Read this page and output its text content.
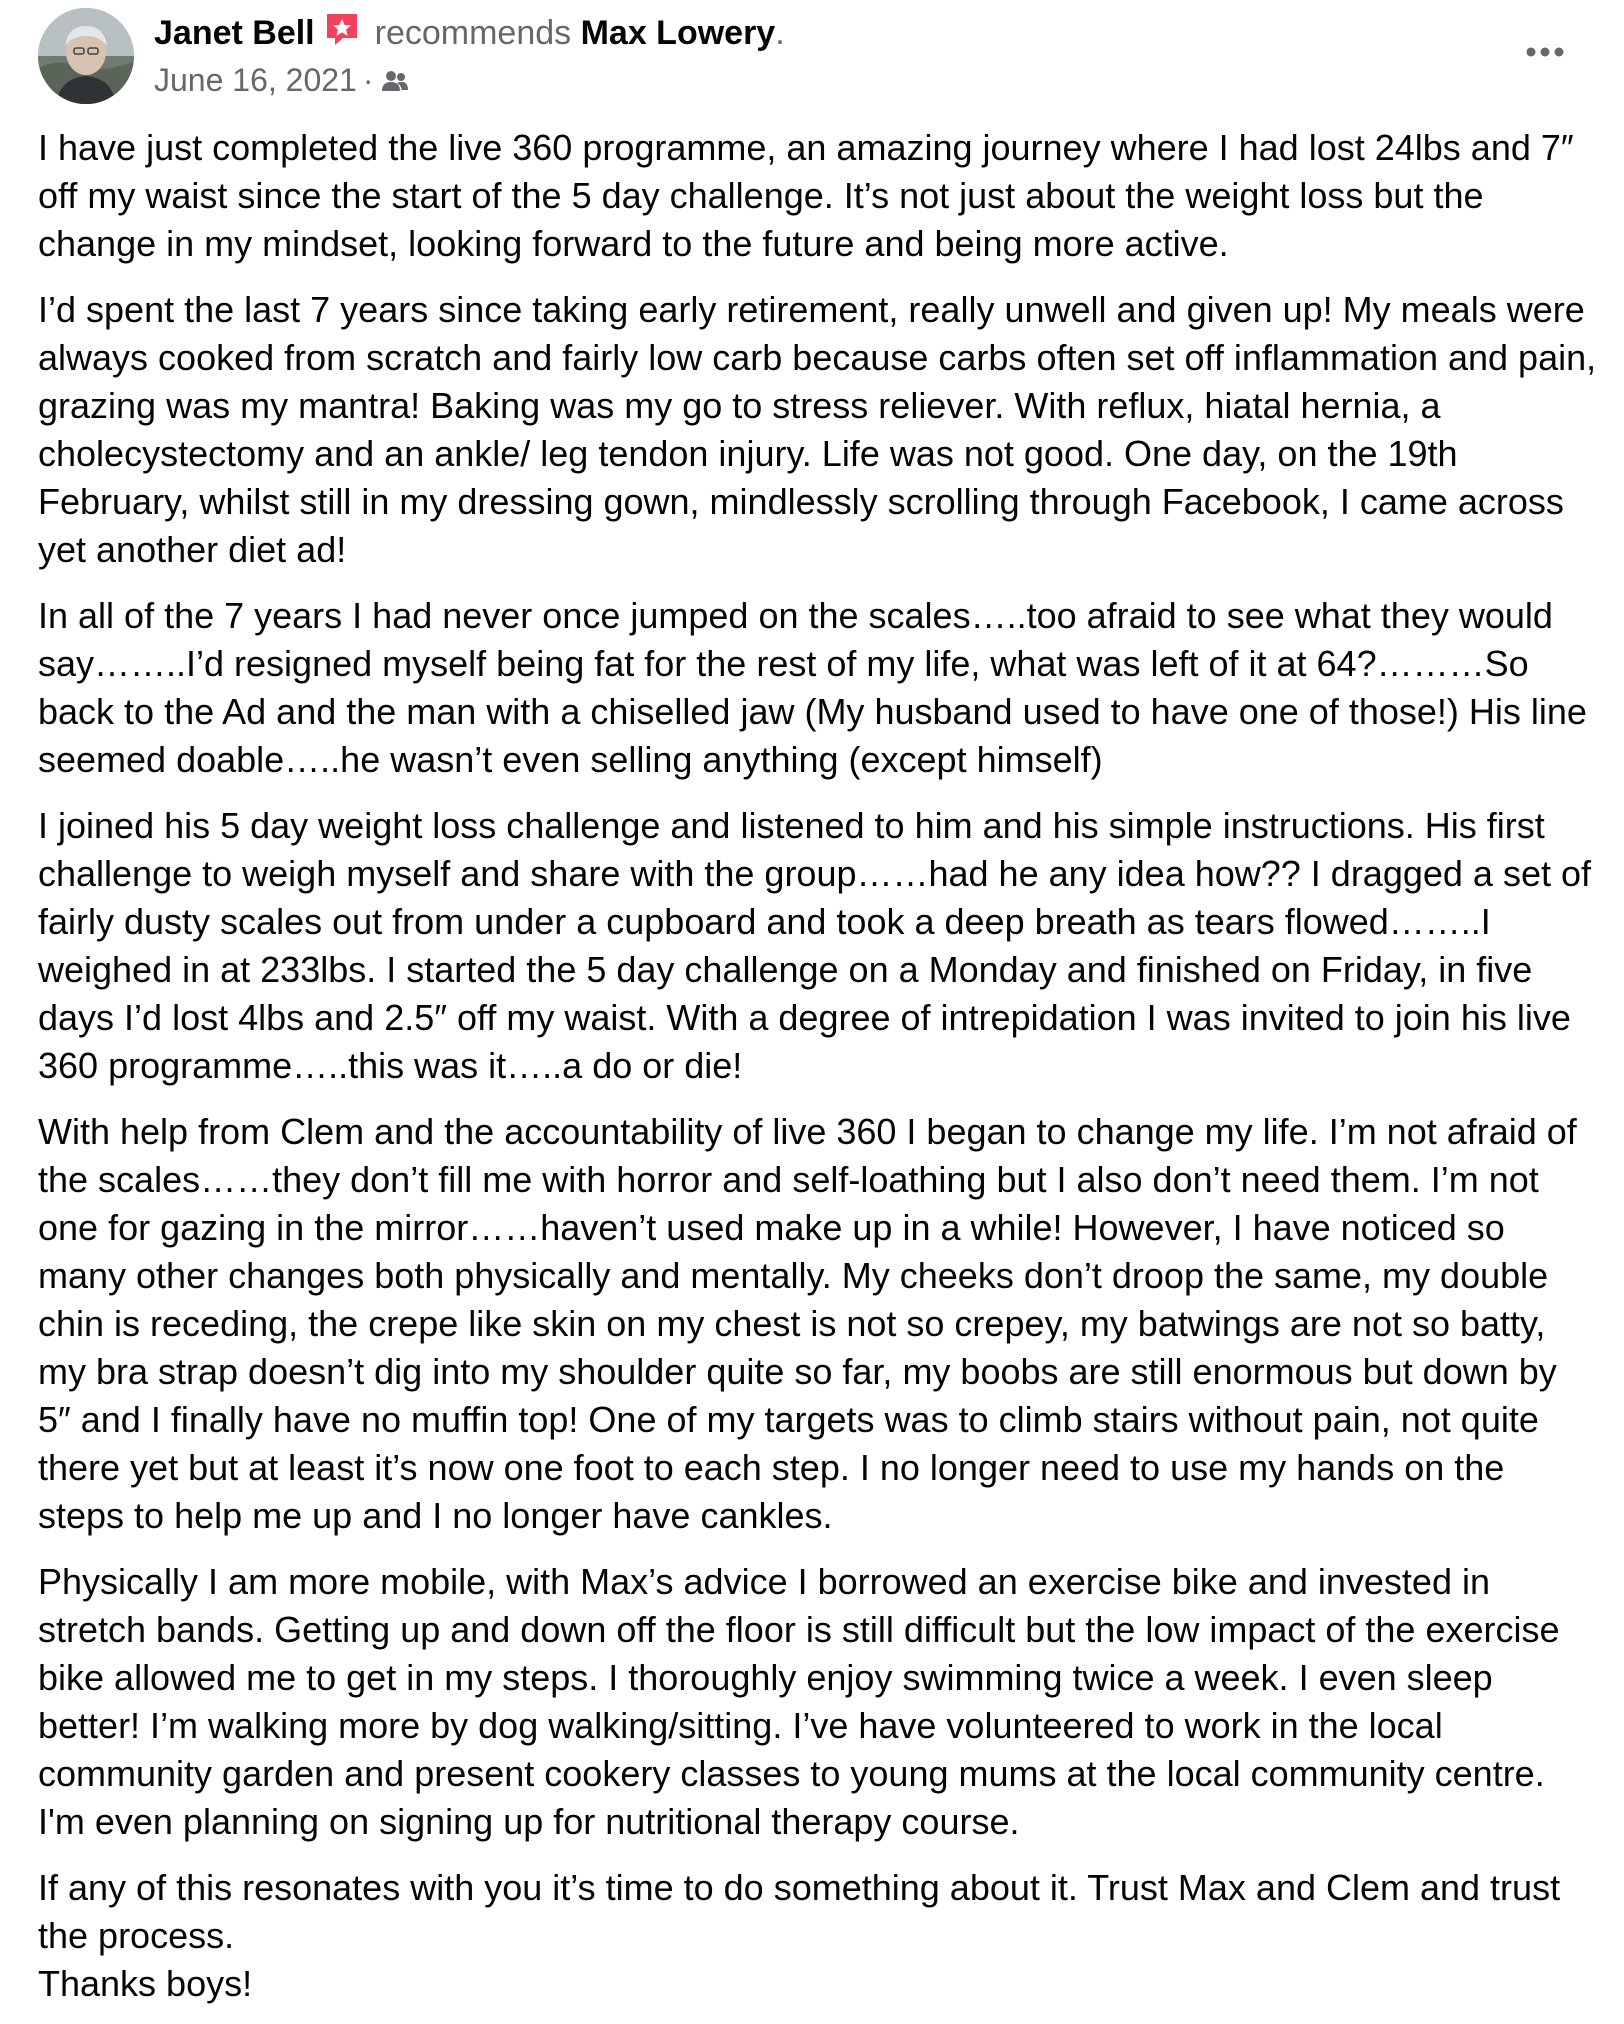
Janet Bell recommends Max Lowery.
June 16, 2021 ·

I have just completed the live 360 programme, an amazing journey where I had lost 24lbs and 7″ off my waist since the start of the 5 day challenge. It’s not just about the weight loss but the change in my mindset, looking forward to the future and being more active.

I’d spent the last 7 years since taking early retirement, really unwell and given up! My meals were always cooked from scratch and fairly low carb because carbs often set off inflammation and pain, grazing was my mantra! Baking was my go to stress reliever. With reflux, hiatal hernia, a cholecystectomy and an ankle/ leg tendon injury. Life was not good. One day, on the 19th February, whilst still in my dressing gown, mindlessly scrolling through Facebook, I came across yet another diet ad!

In all of the 7 years I had never once jumped on the scales…..too afraid to see what they would say……..I’d resigned myself being fat for the rest of my life, what was left of it at 64?………So back to the Ad and the man with a chiselled jaw (My husband used to have one of those!) His line seemed doable…..he wasn’t even selling anything (except himself)

I joined his 5 day weight loss challenge and listened to him and his simple instructions. His first challenge to weigh myself and share with the group……had he any idea how?? I dragged a set of fairly dusty scales out from under a cupboard and took a deep breath as tears flowed……..I weighed in at 233lbs. I started the 5 day challenge on a Monday and finished on Friday, in five days I’d lost 4lbs and 2.5″ off my waist. With a degree of intrepidation I was invited to join his live 360 programme…..this was it…..a do or die!

With help from Clem and the accountability of live 360 I began to change my life. I’m not afraid of the scales……they don’t fill me with horror and self-loathing but I also don’t need them. I’m not one for gazing in the mirror……haven’t used make up in a while! However, I have noticed so many other changes both physically and mentally. My cheeks don’t droop the same, my double chin is receding, the crepe like skin on my chest is not so crepey, my batwings are not so batty, my bra strap doesn’t dig into my shoulder quite so far, my boobs are still enormous but down by 5″ and I finally have no muffin top! One of my targets was to climb stairs without pain, not quite there yet but at least it’s now one foot to each step. I no longer need to use my hands on the steps to help me up and I no longer have cankles.

Physically I am more mobile, with Max’s advice I borrowed an exercise bike and invested in stretch bands. Getting up and down off the floor is still difficult but the low impact of the exercise bike allowed me to get in my steps. I thoroughly enjoy swimming twice a week. I even sleep better! I’m walking more by dog walking/sitting. I’ve have volunteered to work in the local community garden and present cookery classes to young mums at the local community centre. I'm even planning on signing up for nutritional therapy course.

If any of this resonates with you it’s time to do something about it. Trust Max and Clem and trust the process.
Thanks boys!
